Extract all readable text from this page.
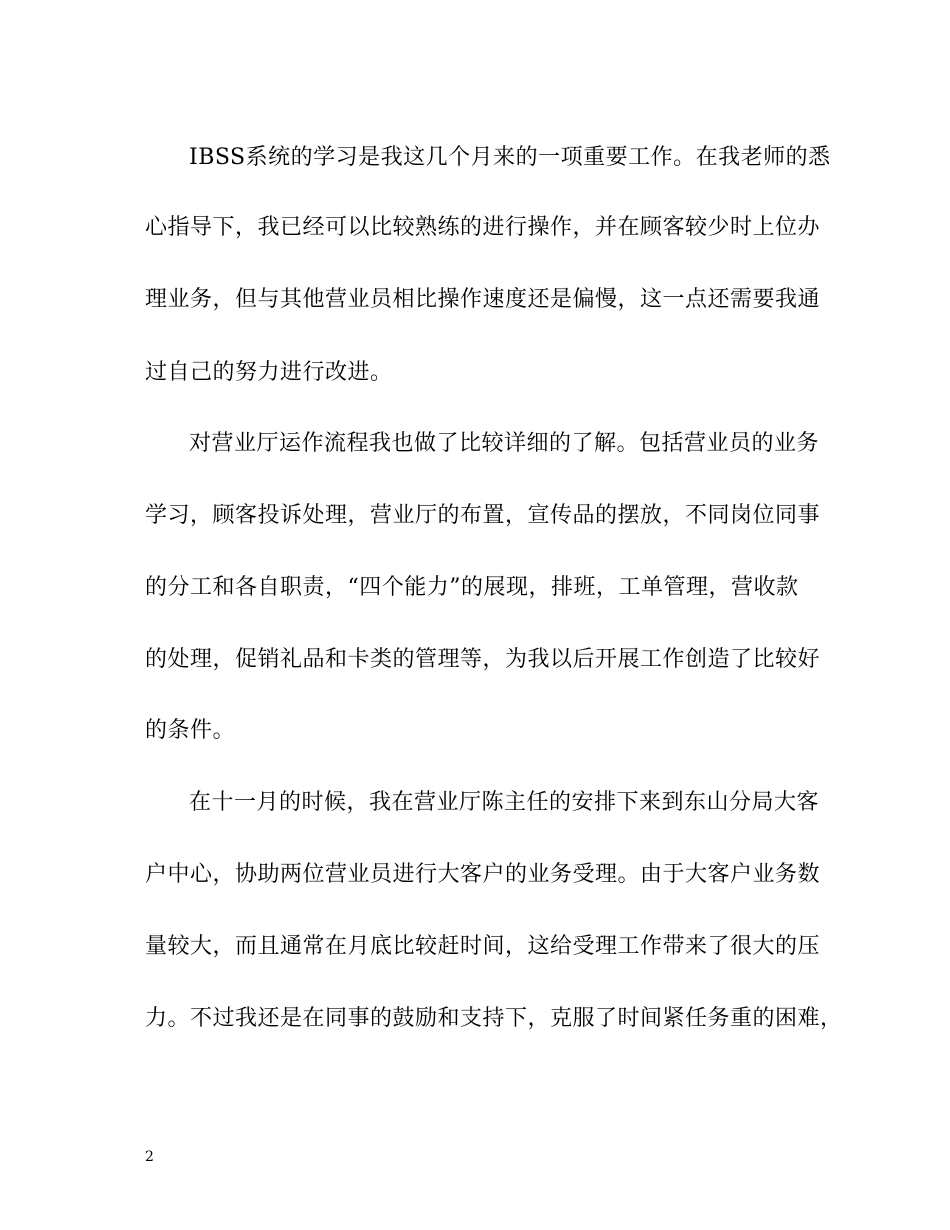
IBSS系统的学习是我这几个月来的一项重要工作。在我老师的悉
心指导下，我已经可以比较熟练的进行操作，并在顾客较少时上位办
理业务，但与其他营业员相比操作速度还是偏慢，这一点还需要我通
过自己的努力进行改进。
对营业厅运作流程我也做了比较详细的了解。包括营业员的业务
学习，顾客投诉处理，营业厅的布置，宣传品的摆放，不同岗位同事
的分工和各自职责，“四个能力”的展现，排班，工单管理，营收款
的处理，促销礼品和卡类的管理等，为我以后开展工作创造了比较好
的条件。
在十一月的时候，我在营业厅陈主任的安排下来到东山分局大客
户中心，协助两位营业员进行大客户的业务受理。由于大客户业务数
量较大，而且通常在月底比较赶时间，这给受理工作带来了很大的压
力。不过我还是在同事的鼓励和支持下，克服了时间紧任务重的困难，
2
